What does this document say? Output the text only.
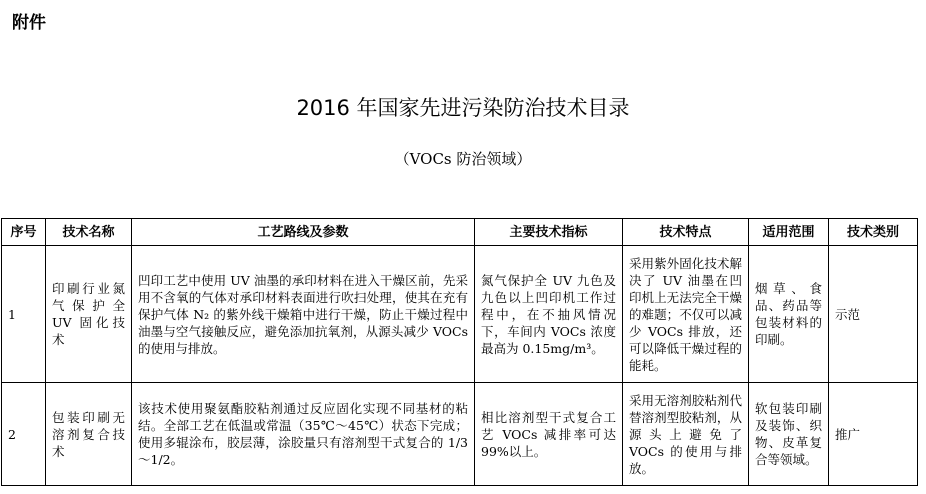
附件
2016 年国家先进污染防治技术目录
（VOCs 防治领域）
序号	技术名称	工艺路线及参数	主要技术指标	技术特点	适用范围	技术类别
1	印刷行业氮气保护全 UV 固化技术	凹印工艺中使用 UV 油墨的承印材料在进入干燥区前，先采用不含氧的气体对承印材料表面进行吹扫处理，使其在充有保护气体 N₂ 的紫外线干燥箱中进行干燥，防止干燥过程中油墨与空气接触反应，避免添加抗氧剂，从源头减少 VOCs 的使用与排放。	氮气保护全 UV 九色及九色以上凹印机工作过程中，在不抽风情况下，车间内 VOCs 浓度最高为 0.15mg/m³。	采用紫外固化技术解决了 UV 油墨在凹印机上无法完全干燥的难题；不仅可以减少 VOCs 排放，还可以降低干燥过程的能耗。	烟草、食品、药品等包装材料的印刷。	示范
2	包装印刷无溶剂复合技术	该技术使用聚氨酯胶粘剂通过反应固化实现不同基材的粘结。全部工艺在低温或常温（35℃～45℃）状态下完成；使用多辊涂布，胶层薄，涂胶量只有溶剂型干式复合的 1/3～1/2。	相比溶剂型干式复合工艺 VOCs 减排率可达 99%以上。	采用无溶剂胶粘剂代替溶剂型胶粘剂，从源头上避免了 VOCs 的使用与排放。	软包装印刷及装饰、织物、皮革复合等领域。	推广
